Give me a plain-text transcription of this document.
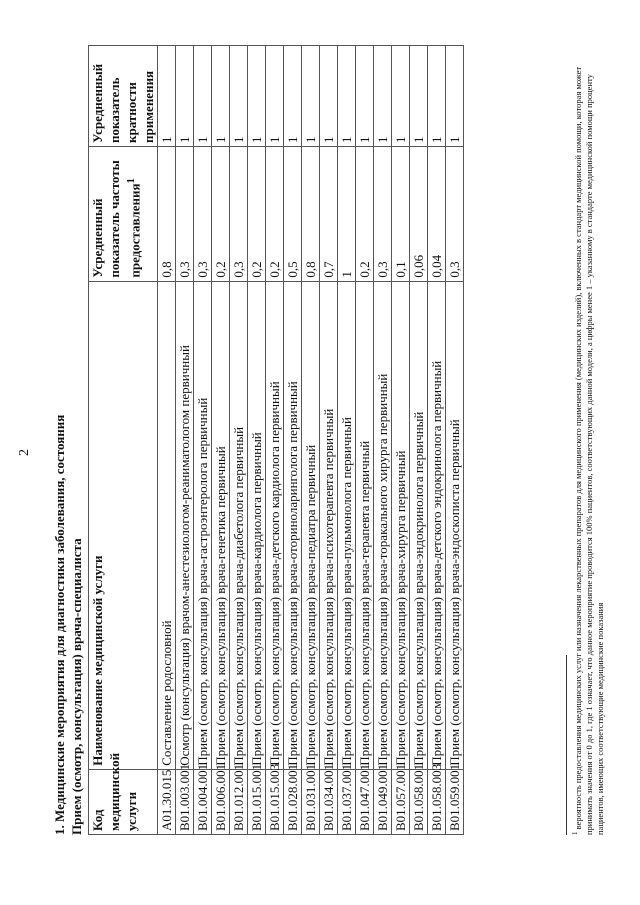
2 1. Медицинские мероприятия для диагностики заболевания, состояния Прием (осмотр, консультация) врача-специалиста Код медицинской услуги	Наименование медицинской услуги	Усредненный показатель частоты предоставления$^1$	Усредненный показатель кратности применения
A01.30.015	Составление родословной	0,8	1
B01.003.001	Осмотр (консультация) врачом-анестезиологом-реаниматологом первичный	0,3	1
B01.004.001	Прием (осмотр, консультация) врача-гастроэнтеролога первичный	0,3	1
B01.006.001	Прием (осмотр, консультация) врача-генетика первичный	0,2	1
B01.012.001	Прием (осмотр, консультация) врача-диабетолога первичный	0,3	1
B01.015.001	Прием (осмотр, консультация) врача-кардиолога первичный	0,2	1
B01.015.003	Прием (осмотр, консультация) врача-детского кардиолога первичный	0,2	1
B01.028.001	Прием (осмотр, консультация) врача-оториноларинголога первичный	0,5	1
B01.031.001	Прием (осмотр, консультация) врача-педиатра первичный	0,8	1
B01.034.001	Прием (осмотр, консультация) врача-психотерапевта первичный	0,7	1
B01.037.001	Прием (осмотр, консультация) врача-пульмонолога первичный	1	1
B01.047.001	Прием (осмотр, консультация) врача-терапевта первичный	0,2	1
B01.049.001	Прием (осмотр, консультация) врача-торакального хирурга первичный	0,3	1
B01.057.001	Прием (осмотр, консультация) врача-хирурга первичный	0,1	1
B01.058.001	Прием (осмотр, консультация) врача-эндокринолога первичный	0,06	1
B01.058.003	Прием (осмотр, консультация) врача-детского эндокринолога первичный	0,04	1
B01.059.001	Прием (осмотр, консультация) врача-эндоскописта первичный	0,3	1
$^1$ вероятность предоставления медицинских услуг или назначения лекарственных препаратов для медицинского применения (медицинских изделий), включенных в стандарт медицинской помощи, которая может принимать значения от 0 до 1, где 1 означает, что данное мероприятие проводится 100% пациентов, соответствующих данной модели, а цифры менее 1 – указанному в стандарте медицинской помощи проценту пациентов, имеющих соответствующие медицинские показания
